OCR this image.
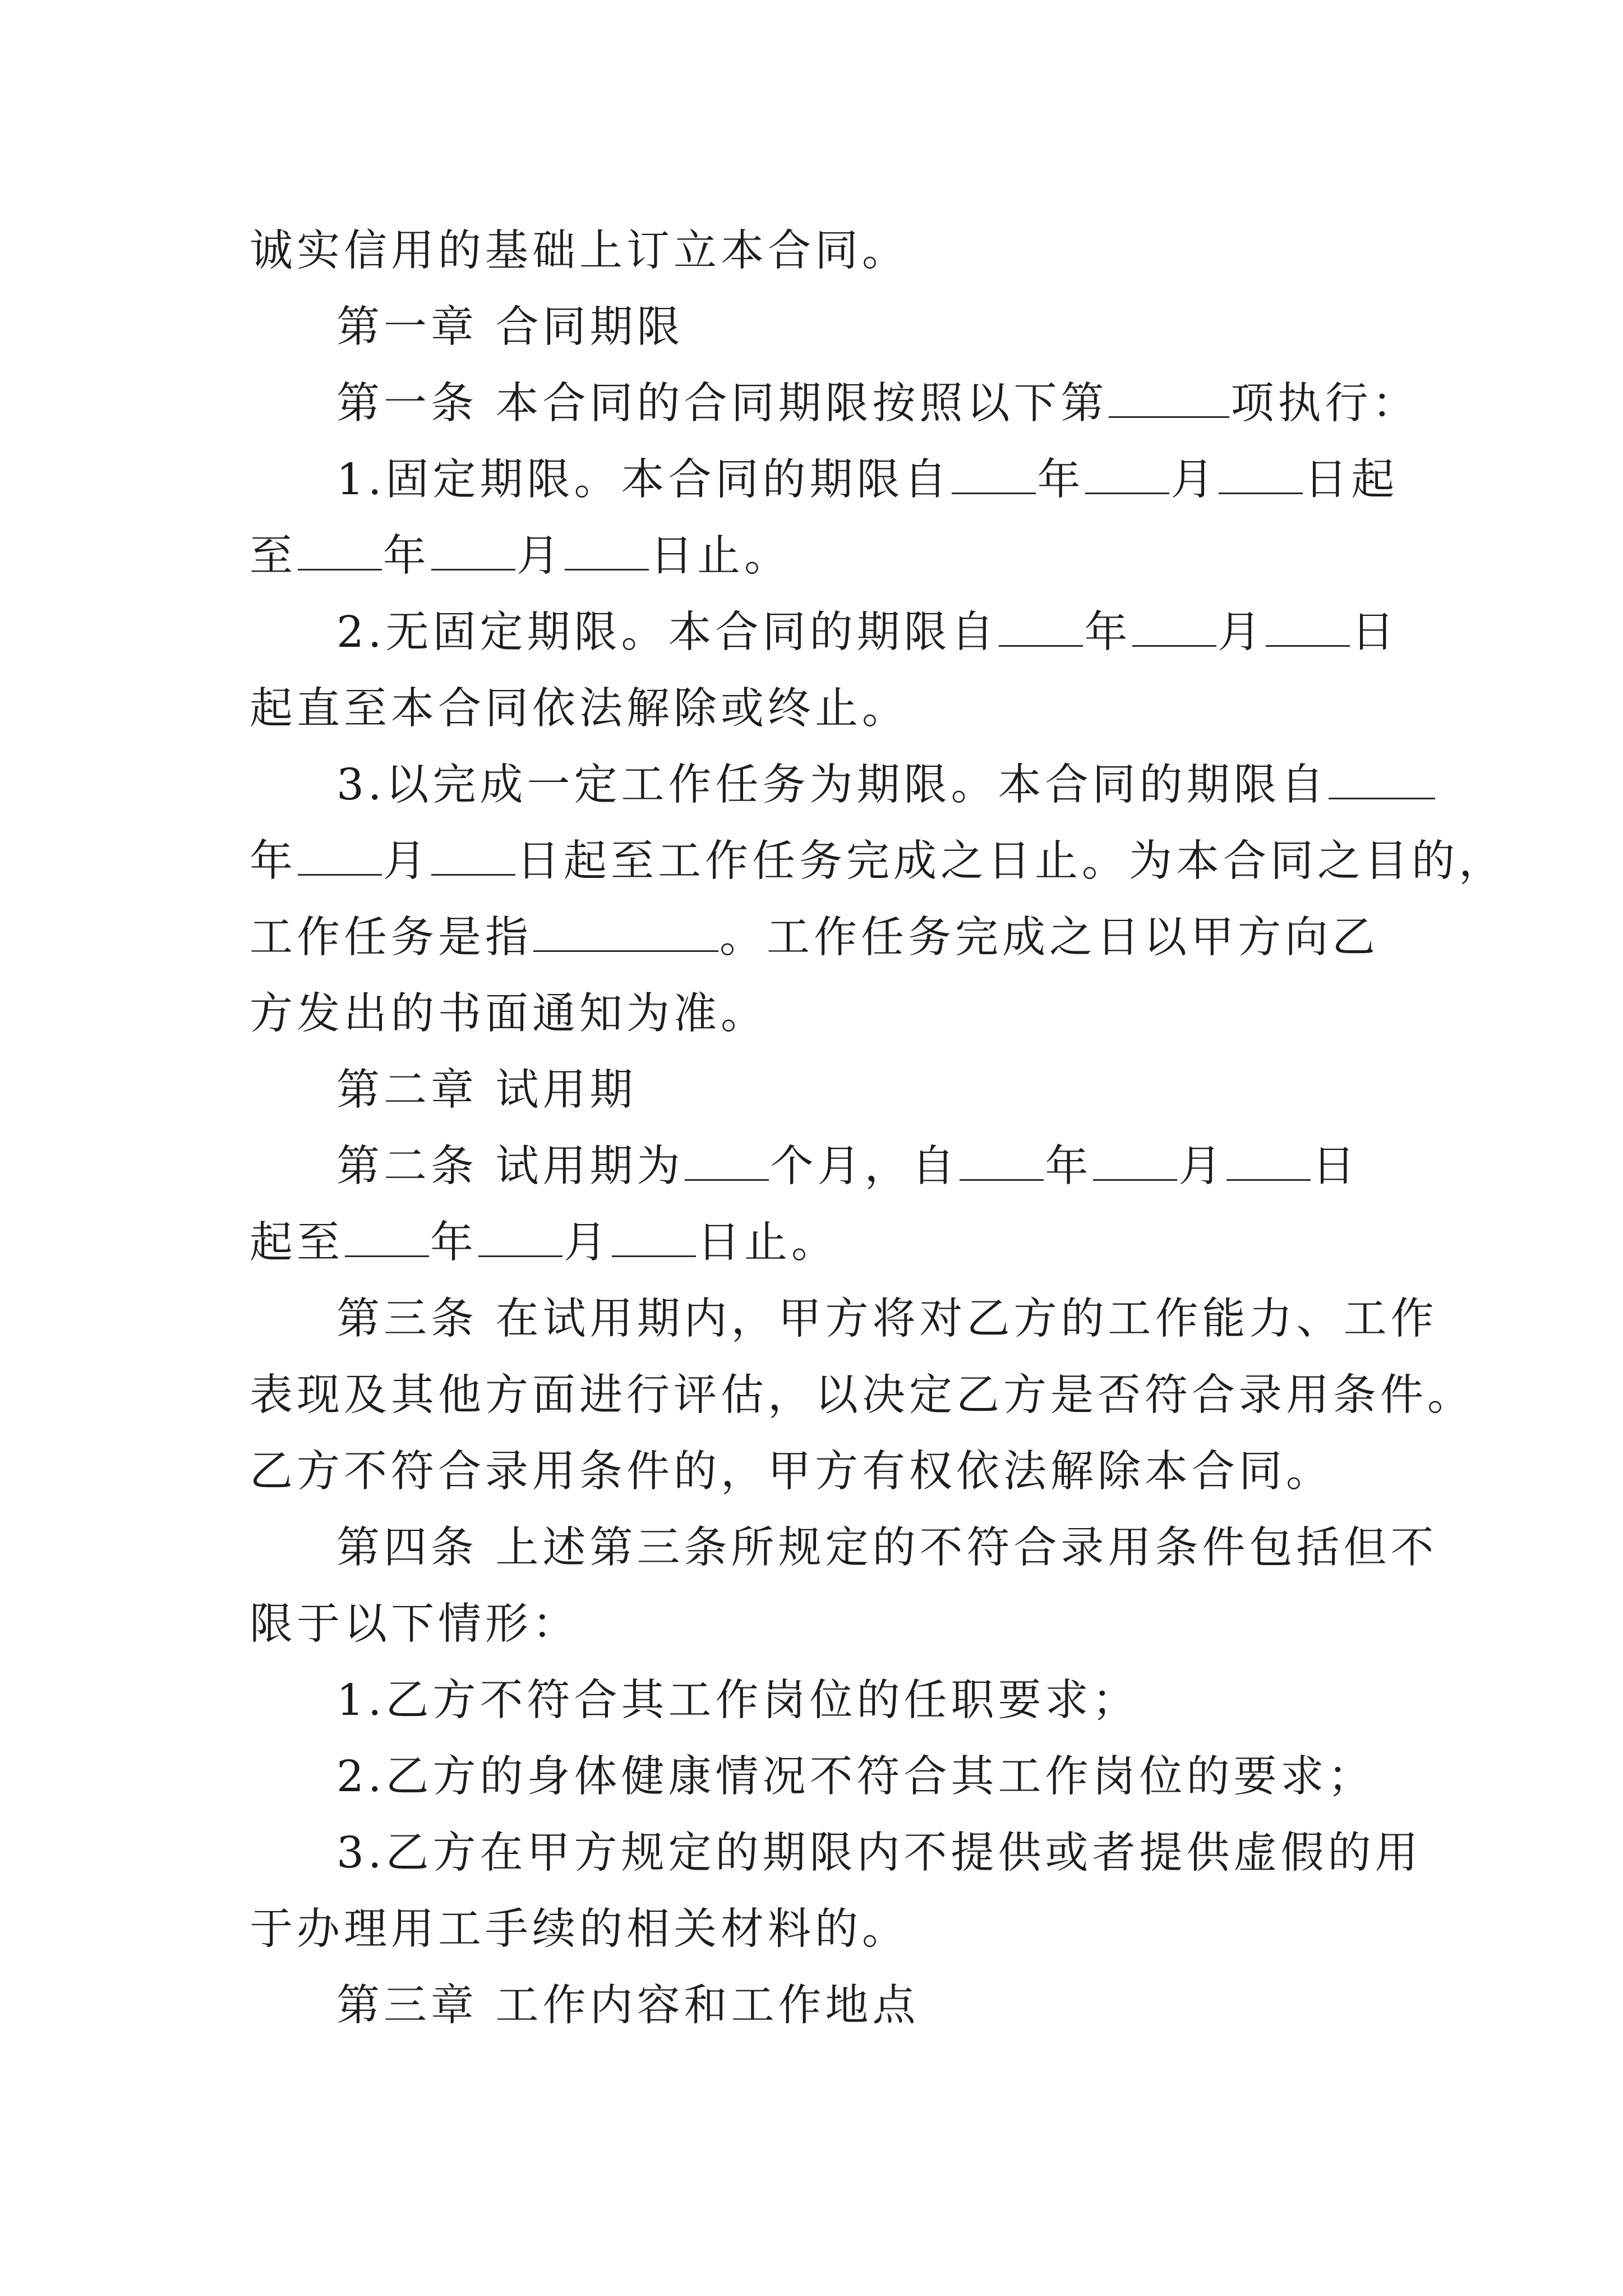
诚实信用的基础上订立本合同。
第一章 合同期限
第一条 本合同的合同期限按照以下第	项执行：
1.固定期限。本合同的期限自 年 月 日起
至 年 月 日止。
2.无固定期限。本合同的期限自 年 月 日
起直至本合同依法解除或终止。
3.以完成一定工作任务为期限。本合同的期限自
年 月 日起至工作任务完成之日止。为本合同之目的，
工作任务是指	。工作任务完成之日以甲方向乙
方发出的书面通知为准。
第二章 试用期
第二条 试用期为 个月，自 年 月 日
起至 年 月 日止。
第三条 在试用期内，甲方将对乙方的工作能力、工作
表现及其他方面进行评估，以决定乙方是否符合录用条件。
乙方不符合录用条件的，甲方有权依法解除本合同。
第四条 上述第三条所规定的不符合录用条件包括但不
限于以下情形：
1.乙方不符合其工作岗位的任职要求；
2.乙方的身体健康情况不符合其工作岗位的要求；
3.乙方在甲方规定的期限内不提供或者提供虚假的用
于办理用工手续的相关材料的。
第三章 工作内容和工作地点
